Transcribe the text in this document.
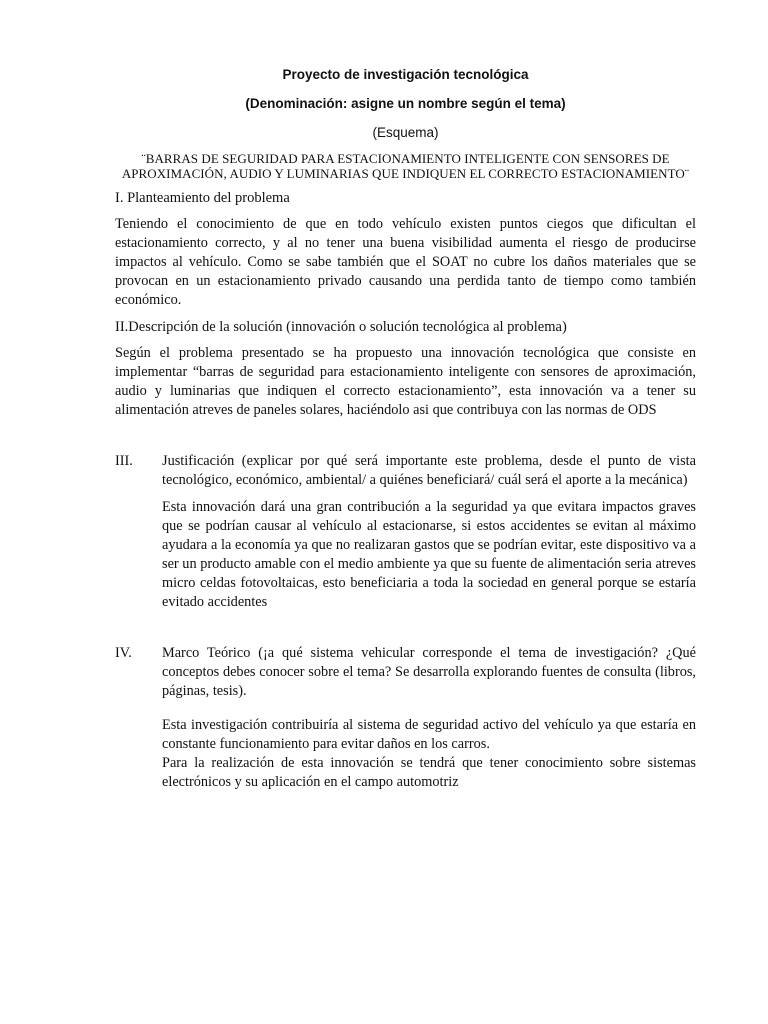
Proyecto de investigación tecnológica

(Denominación: asigne un nombre según el tema)

(Esquema)

¨BARRAS DE SEGURIDAD PARA ESTACIONAMIENTO INTELIGENTE CON SENSORES DE
APROXIMACIÓN, AUDIO Y LUMINARIAS QUE INDIQUEN EL CORRECTO ESTACIONAMIENTO¨

I. Planteamiento del problema

Teniendo el conocimiento de que en todo vehículo existen puntos ciegos que dificultan el estacionamiento correcto, y al no tener una buena visibilidad aumenta el riesgo de producirse impactos al vehículo. Como se sabe también que el SOAT no cubre los daños materiales que se provocan en un estacionamiento privado causando una perdida tanto de tiempo como también económico.

II.Descripción de la solución (innovación o solución tecnológica al problema)

Según el problema presentado se ha propuesto una innovación tecnológica que consiste en implementar “barras de seguridad para estacionamiento inteligente con sensores de aproximación, audio y luminarias que indiquen el correcto estacionamiento”, esta innovación va a tener su alimentación atreves de paneles solares, haciéndolo asi que contribuya con las normas de ODS

III.	Justificación (explicar por qué será importante este problema, desde el punto de vista tecnológico, económico, ambiental/ a quiénes beneficiará/ cuál será el aporte a la mecánica)

Esta innovación dará una gran contribución a la seguridad ya que evitara impactos graves que se podrían causar al vehículo al estacionarse, si estos accidentes se evitan al máximo ayudara a la economía ya que no realizaran gastos que se podrían evitar, este dispositivo va a ser un producto amable con el medio ambiente ya que su fuente de alimentación seria atreves micro celdas fotovoltaicas, esto beneficiaria a toda la sociedad en general porque se estaría evitado accidentes

IV.	Marco Teórico (¡a qué sistema vehicular corresponde el tema de investigación? ¿Qué conceptos debes conocer sobre el tema? Se desarrolla explorando fuentes de consulta (libros, páginas, tesis).

Esta investigación contribuiría al sistema de seguridad activo del vehículo ya que estaría en constante funcionamiento para evitar daños en los carros.

Para la realización de esta innovación se tendrá que tener conocimiento sobre sistemas electrónicos y su aplicación en el campo automotriz
